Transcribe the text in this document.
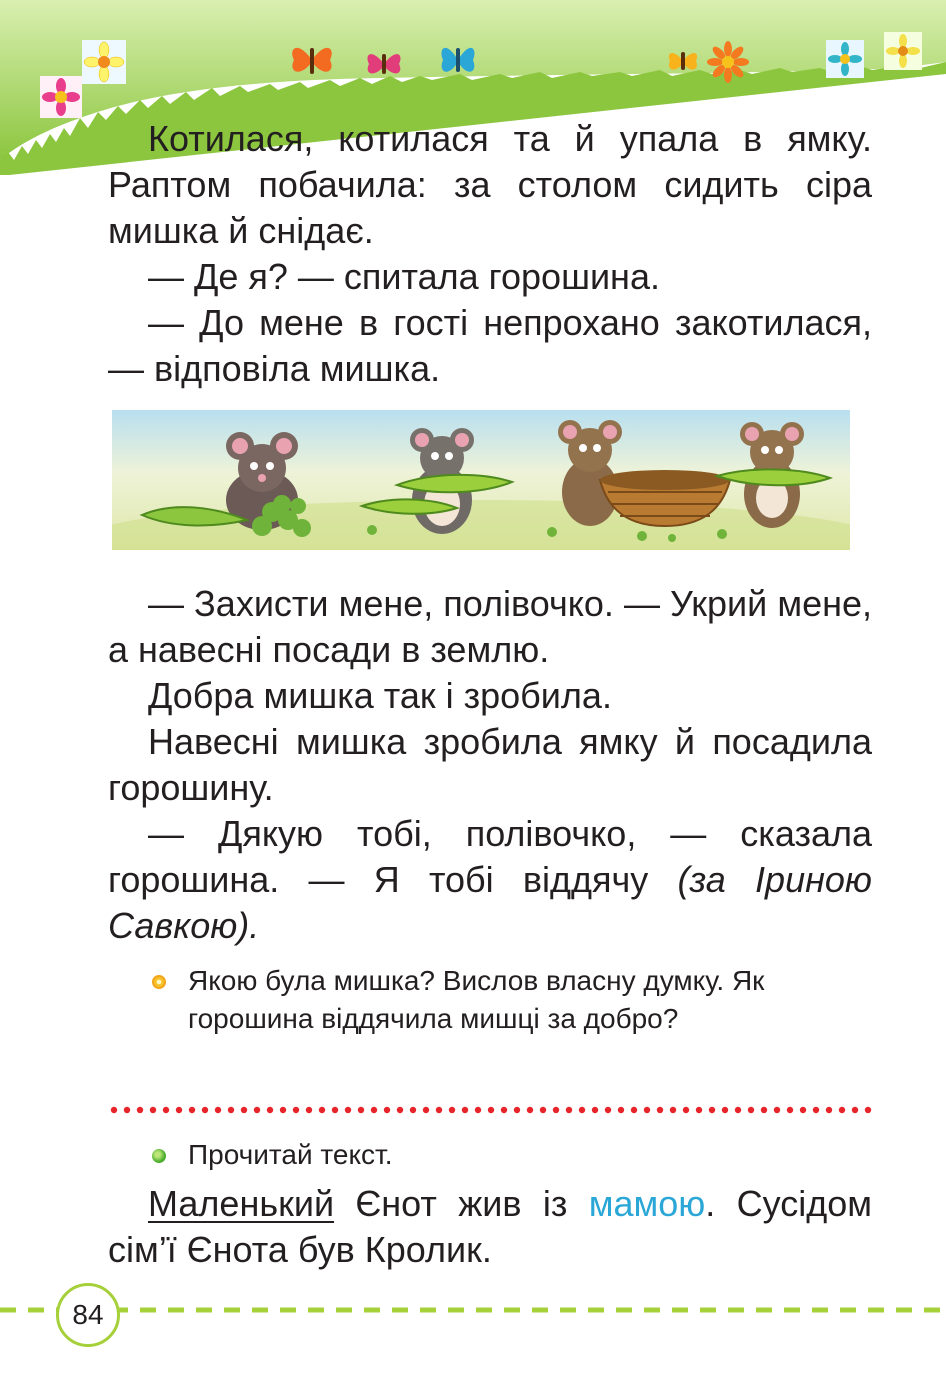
Котилася, котилася та й упала в ямку. Раптом побачила: за столом сидить сіра мишка й снідає.

— Де я? — спитала горошина.

— До мене в гості непрохано закотилася, — відповіла мишка.

— Захисти мене, полівочко. — Укрий мене, а навесні посади в землю.

Добра мишка так і зробила.

Навесні мишка зробила ямку й посадила горошину.

— Дякую тобі, полівочко, — сказала горошина. — Я тобі віддячу (за Іриною Савкою).

Якою була мишка? Вислов власну думку. Як горошина віддячила мишці за добро?
Прочитай текст.

Маленький Єнот жив із мамою. Сусідом сім’ї Єнота був Кролик.

84
